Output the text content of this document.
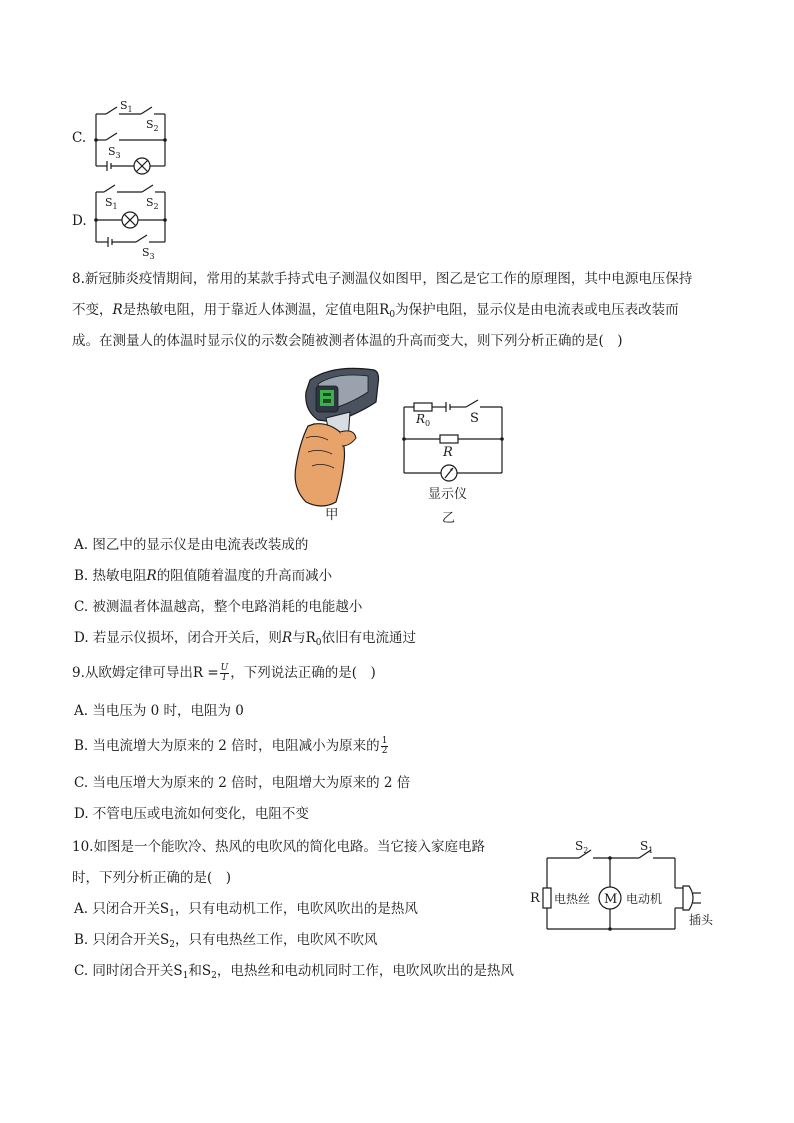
C.
$S_1$
$S_2$
$S_3$
D.
$S_1$	$S_2$
$S_3$
8.新冠肺炎疫情期间，常用的某款手持式电子测温仪如图甲，图乙是它工作的原理图，其中电源电压保持
不变，R是热敏电阻，用于靠近人体测温，定值电阻$R_0$为保护电阻，显示仪是由电流表或电压表改装而
成。在测量人的体温时显示仪的示数会随被测者体温的升高而变大，则下列分析正确的是(　)
甲
$R_0$	S
R
显示仪
乙
A. 图乙中的显示仪是由电流表改装成的
B. 热敏电阻R的阻值随着温度的升高而减小
C. 被测温者体温越高，整个电路消耗的电能越小
D. 若显示仪损坏，闭合开关后，则R与$R_0$依旧有电流通过
9.从欧姆定律可导出$R = \frac{U}{I}$ ，下列说法正确的是(　)
A. 当电压为 0 时，电阻为 0
B. 当电流增大为原来的 2 倍时，电阻减小为原来的 $\frac{1}{2}$
C. 当电压增大为原来的 2 倍时，电阻增大为原来的 2 倍
D. 不管电压或电流如何变化，电阻不变
10.如图是一个能吹冷、热风的电吹风的简化电路。当它接入家庭电路
时，下列分析正确的是(　)
A. 只闭合开关$S_1$，只有电动机工作，电吹风吹出的是热风
B. 只闭合开关$S_2$，只有电热丝工作，电吹风不吹风
C. 同时闭合开关$S_1$和$S_2$，电热丝和电动机同时工作，电吹风吹出的是热风
$S_2$	$S_1$
R 电热丝 M 电动机
插头
